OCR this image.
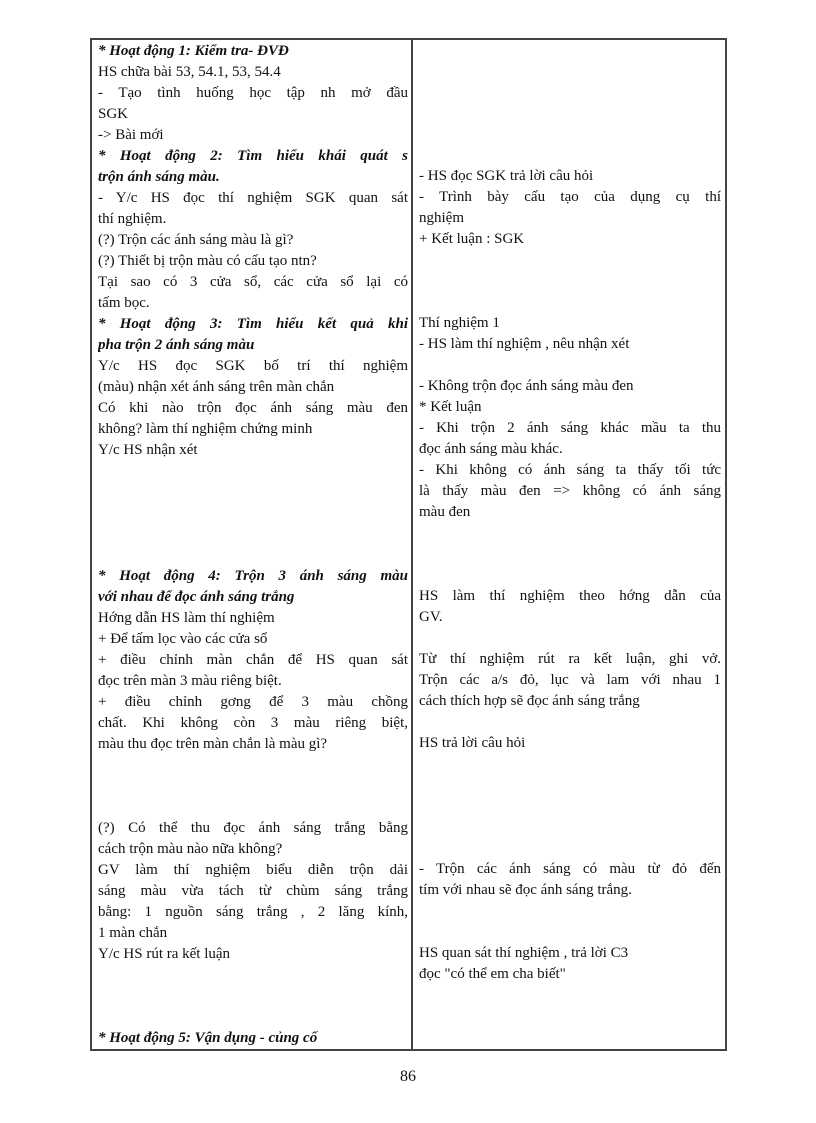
* Hoạt động 1: Kiểm tra- ĐVĐ
HS chữa bài 53, 54.1, 53, 54.4
- Tạo tình huống học tập nh mở đầu
SGK
-> Bài mới
* Hoạt động 2: Tìm hiểu khái quát s
trộn ánh sáng màu.
- Y/c HS đọc thí nghiệm SGK quan sát
thí nghiệm.
(?) Trộn các ánh sáng màu là gì?
(?) Thiết bị trộn màu có cấu tạo ntn?
Tại sao có 3 cửa sổ, các cửa sổ lại có
tấm bọc.
* Hoạt động 3: Tìm hiểu kết quả khi
pha trộn 2 ánh sáng màu
Y/c HS đọc SGK bố trí thí nghiệm
(màu) nhận xét ánh sáng trên màn chắn
Có khi nào trộn đọc ánh sáng màu đen
không? làm thí nghiệm chứng minh
Y/c HS nhận xét

* Hoạt động 4: Trộn 3 ánh sáng màu
với nhau để đọc ánh sáng trắng
Hớng dẫn HS làm thí nghiệm
+ Để tấm lọc vào các cửa sổ
+ điều chỉnh màn chắn để HS quan sát
đọc trên màn 3 màu riêng biệt.
+ điều chỉnh gơng để 3 màu chồng
chất. Khi không còn 3 màu riêng biệt,
màu thu đọc trên màn chắn là màu gì?

(?) Có thể thu đọc ánh sáng trắng bằng
cách trộn màu nào nữa không?
GV làm thí nghiệm biểu diễn trộn dải
sáng màu vừa tách từ chùm sáng trắng
bằng: 1 nguồn sáng trắng , 2 lăng kính,
1 màn chắn
Y/c HS rút ra kết luận

* Hoạt động 5: Vận dụng - củng cố

- HS đọc SGK trả lời câu hỏi
- Trình bày cấu tạo của dụng cụ thí
nghiệm
+ Kết luận : SGK

Thí nghiệm 1
- HS làm thí nghiệm , nêu nhận xét

- Không trộn đọc ánh sáng màu đen
* Kết luận
- Khi trộn 2 ánh sáng khác mầu ta thu
đọc ánh sáng màu khác.
- Khi không có ánh sáng ta thấy tối tức
là thấy màu đen => không có ánh sáng
màu đen

HS làm thí nghiệm theo hớng dẫn của
GV.

Từ thí nghiệm rút ra kết luận, ghi vở.
Trộn các a/s đỏ, lục và lam với nhau 1
cách thích hợp sẽ đọc ánh sáng trắng

HS trả lời câu hỏi

- Trộn các ánh sáng có màu từ đỏ đến
tím với nhau sẽ đọc ánh sáng trắng.

HS quan sát thí nghiệm , trả lời C3
đọc "có thể em cha biết"
86
